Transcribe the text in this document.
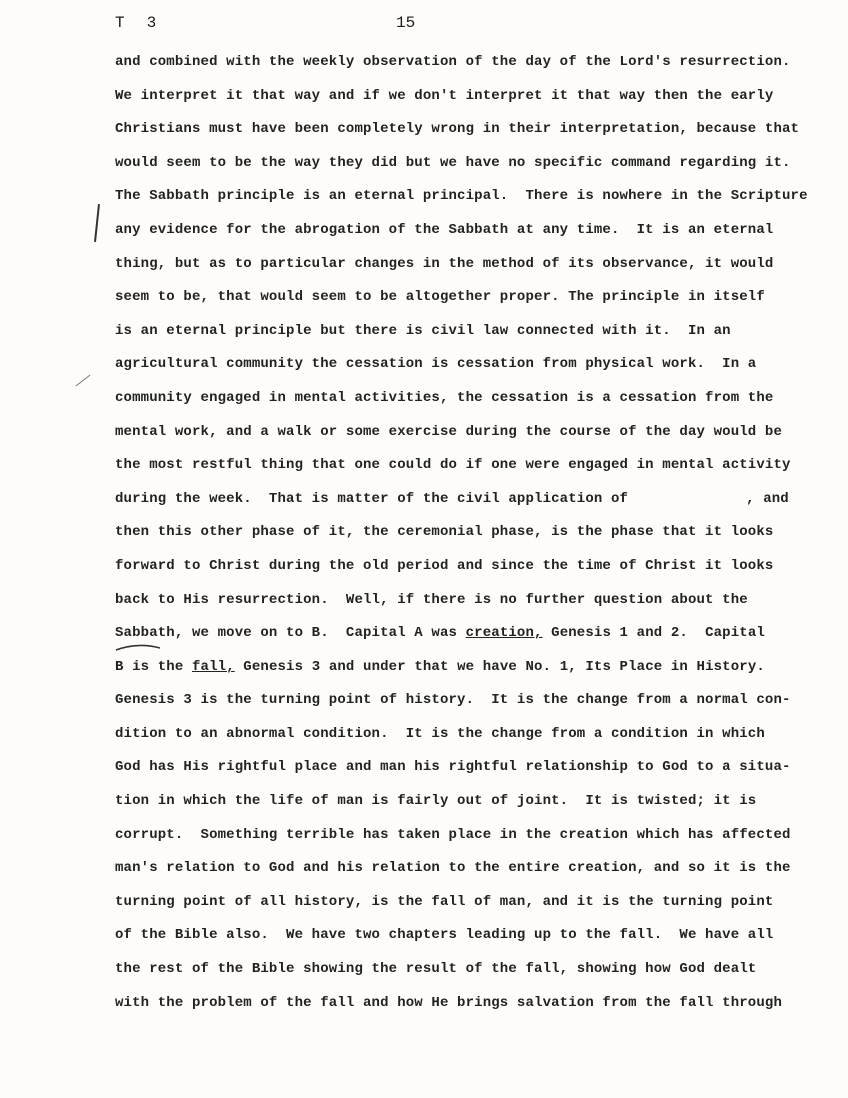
T 3	15
and combined with the weekly observation of the day of the Lord's resurrection.
We interpret it that way and if we don't interpret it that way then the early
Christians must have been completely wrong in their interpretation, because that
would seem to be the way they did but we have no specific command regarding it.
The Sabbath principle is an eternal principal.  There is nowhere in the Scripture
any evidence for the abrogation of the Sabbath at any time.  It is an eternal
thing, but as to particular changes in the method of its observance, it would
seem to be, that would seem to be altogether proper. The principle in itself
is an eternal principle but there is civil law connected with it.  In an
agricultural community the cessation is cessation from physical work.  In a
community engaged in mental activities, the cessation is a cessation from the
mental work, and a walk or some exercise during the course of the day would be
the most restful thing that one could do if one were engaged in mental activity
during the week.  That is matter of the civil application of	, and
then this other phase of it, the ceremonial phase, is the phase that it looks
forward to Christ during the old period and since the time of Christ it looks
back to His resurrection.  Well, if there is no further question about the
Sabbath, we move on to B.  Capital A was creation, Genesis 1 and 2.  Capital
B is the fall, Genesis 3 and under that we have No. 1, Its Place in History.
Genesis 3 is the turning point of history.  It is the change from a normal con-
dition to an abnormal condition.  It is the change from a condition in which
God has His rightful place and man his rightful relationship to God to a situa-
tion in which the life of man is fairly out of joint.  It is twisted; it is
corrupt.  Something terrible has taken place in the creation which has affected
man's relation to God and his relation to the entire creation, and so it is the
turning point of all history, is the fall of man, and it is the turning point
of the Bible also.  We have two chapters leading up to the fall.  We have all
the rest of the Bible showing the result of the fall, showing how God dealt
with the problem of the fall and how He brings salvation from the fall through
